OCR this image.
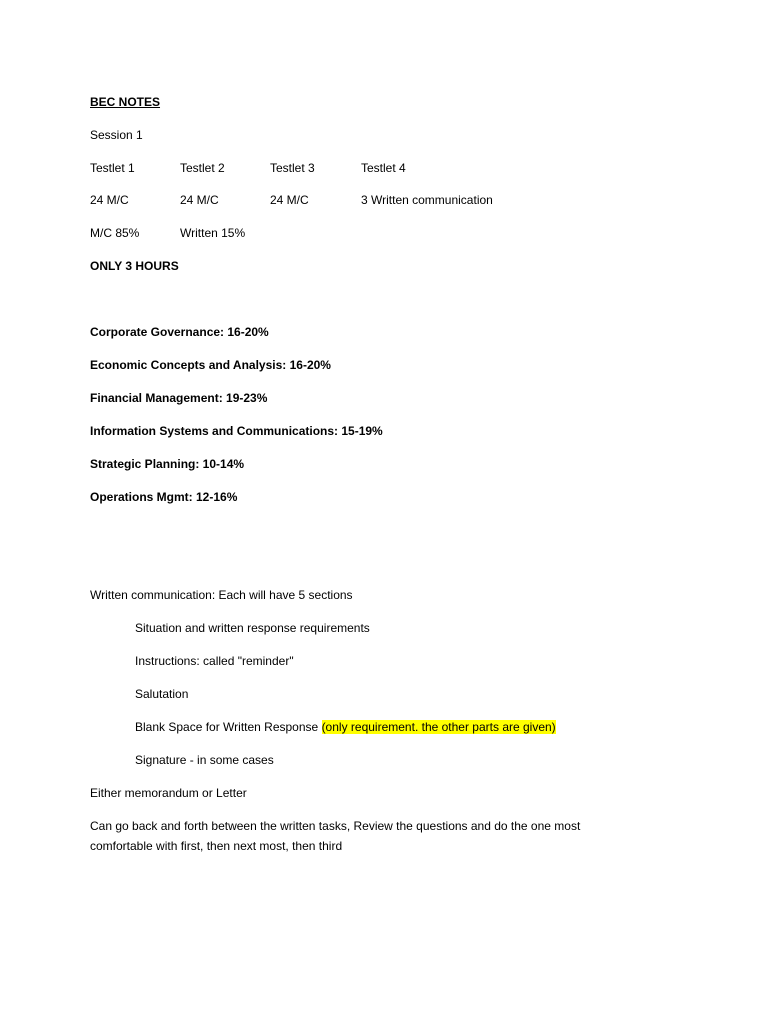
BEC NOTES
Session 1
Testlet 1	Testlet 2	Testlet 3	Testlet 4
24 M/C	24 M/C	24 M/C	3 Written communication
M/C 85%	Written 15%
ONLY 3 HOURS
Corporate Governance: 16-20%
Economic Concepts and Analysis: 16-20%
Financial Management: 19-23%
Information Systems and Communications: 15-19%
Strategic Planning: 10-14%
Operations Mgmt: 12-16%
Written communication: Each will have 5 sections
Situation and written response requirements
Instructions: called "reminder"
Salutation
Blank Space for Written Response (only requirement. the other parts are given)
Signature - in some cases
Either memorandum or Letter
Can go back and forth between the written tasks, Review the questions and do the one most comfortable with first, then next most, then third
